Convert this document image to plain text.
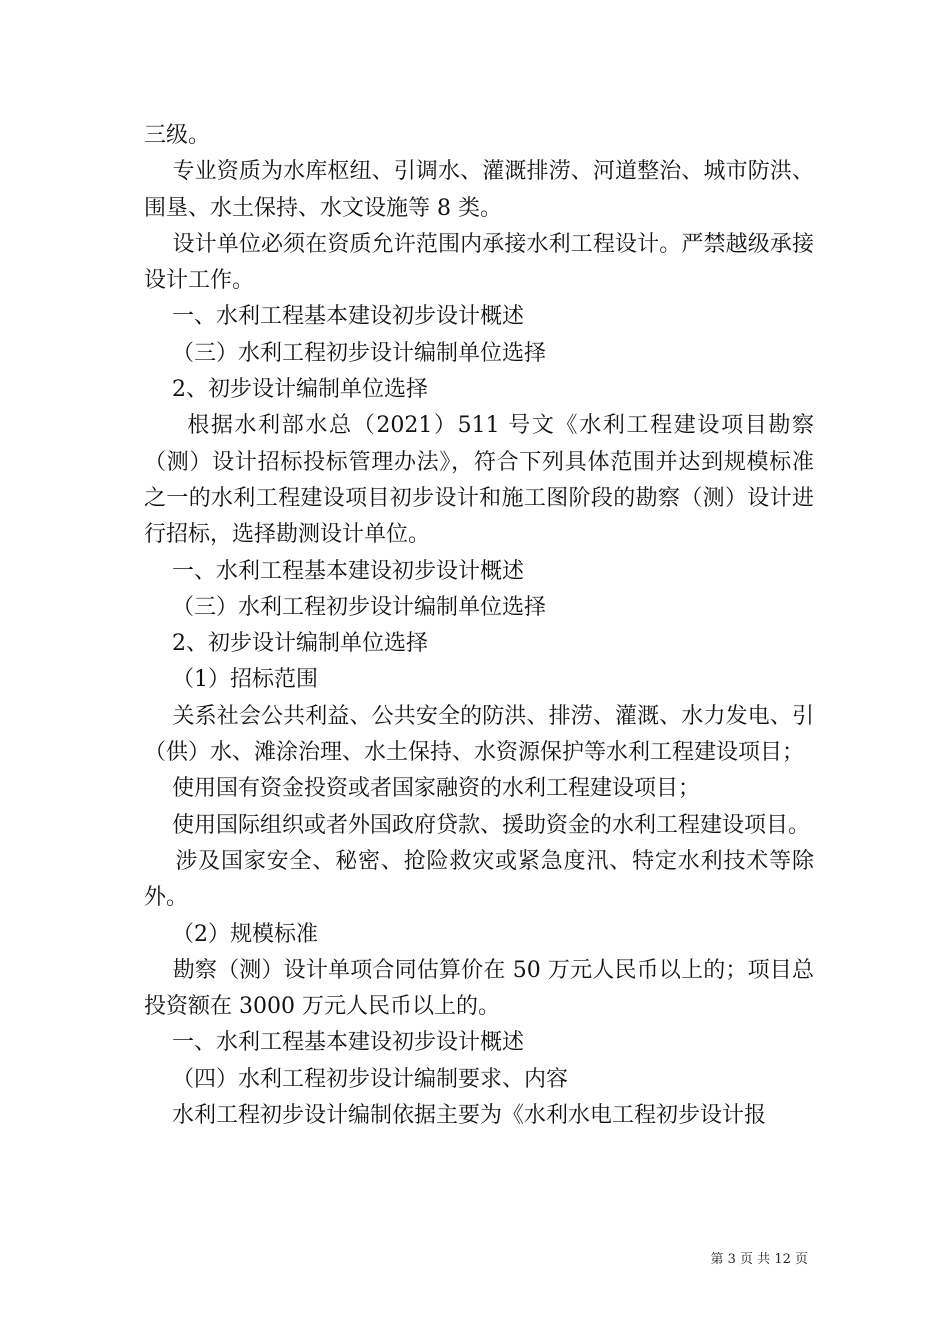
三级。

专业资质为水库枢纽、引调水、灌溉排涝、河道整治、城市防洪、围垦、水土保持、水文设施等 8 类。

设计单位必须在资质允许范围内承接水利工程设计。严禁越级承接设计工作。

一、水利工程基本建设初步设计概述

（三）水利工程初步设计编制单位选择

2、初步设计编制单位选择

根据水利部水总（2021）511 号文《水利工程建设项目勘察（测）设计招标投标管理办法》，符合下列具体范围并达到规模标准之一的水利工程建设项目初步设计和施工图阶段的勘察（测）设计进行招标，选择勘测设计单位。

一、水利工程基本建设初步设计概述

（三）水利工程初步设计编制单位选择

2、初步设计编制单位选择

（1）招标范围

关系社会公共利益、公共安全的防洪、排涝、灌溉、水力发电、引（供）水、滩涂治理、水土保持、水资源保护等水利工程建设项目；

使用国有资金投资或者国家融资的水利工程建设项目；

使用国际组织或者外国政府贷款、援助资金的水利工程建设项目。

涉及国家安全、秘密、抢险救灾或紧急度汛、特定水利技术等除外。

（2）规模标准

勘察（测）设计单项合同估算价在 50 万元人民币以上的；项目总投资额在 3000 万元人民币以上的。

一、水利工程基本建设初步设计概述

（四）水利工程初步设计编制要求、内容

水利工程初步设计编制依据主要为《水利水电工程初步设计报

第 3 页 共 12 页
